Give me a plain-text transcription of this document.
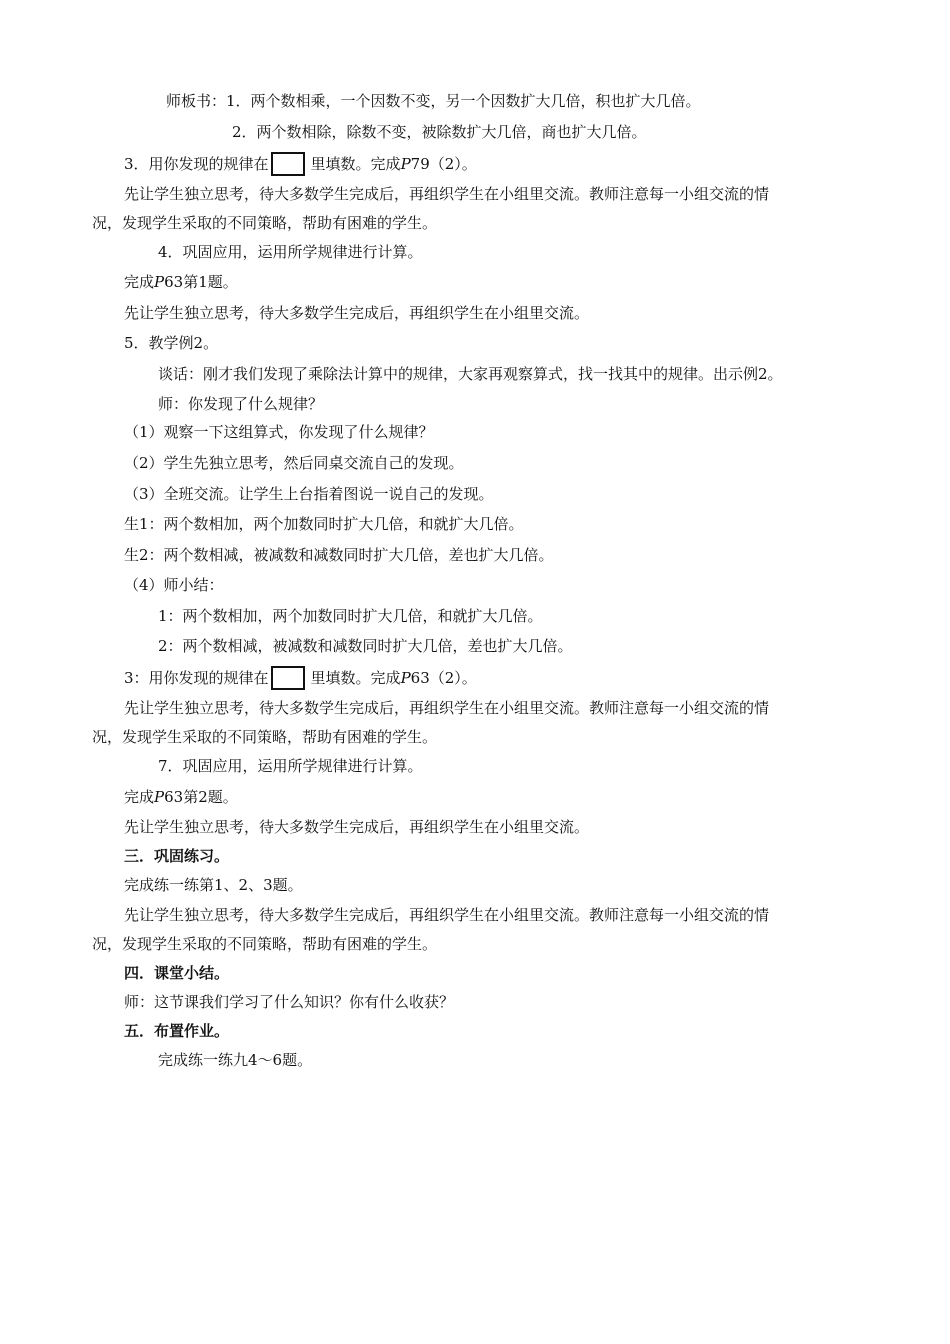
师板书：1．两个数相乘，一个因数不变，另一个因数扩大几倍，积也扩大几倍。
2．两个数相除，除数不变，被除数扩大几倍，商也扩大几倍。
3．用你发现的规律在	里填数。完成P79（2）。
先让学生独立思考，待大多数学生完成后，再组织学生在小组里交流。教师注意每一小组交流的情
况，发现学生采取的不同策略，帮助有困难的学生。
4．巩固应用，运用所学规律进行计算。
完成P63第1题。
先让学生独立思考，待大多数学生完成后，再组织学生在小组里交流。
5．教学例2。
谈话：刚才我们发现了乘除法计算中的规律，大家再观察算式，找一找其中的规律。出示例2。
师：你发现了什么规律？
（1）观察一下这组算式，你发现了什么规律？
（2）学生先独立思考，然后同桌交流自己的发现。
（3）全班交流。让学生上台指着图说一说自己的发现。
生1：两个数相加，两个加数同时扩大几倍，和就扩大几倍。
生2：两个数相减，被减数和减数同时扩大几倍，差也扩大几倍。
（4）师小结：
1：两个数相加，两个加数同时扩大几倍，和就扩大几倍。
2：两个数相减，被减数和减数同时扩大几倍，差也扩大几倍。
3：用你发现的规律在	里填数。完成P63（2）。
先让学生独立思考，待大多数学生完成后，再组织学生在小组里交流。教师注意每一小组交流的情
况，发现学生采取的不同策略，帮助有困难的学生。
7．巩固应用，运用所学规律进行计算。
完成P63第2题。
先让学生独立思考，待大多数学生完成后，再组织学生在小组里交流。
三．巩固练习。
完成练一练第1、2、3题。
先让学生独立思考，待大多数学生完成后，再组织学生在小组里交流。教师注意每一小组交流的情
况，发现学生采取的不同策略，帮助有困难的学生。
四．课堂小结。
师：这节课我们学习了什么知识？你有什么收获？
五．布置作业。
完成练一练九4～6题。
